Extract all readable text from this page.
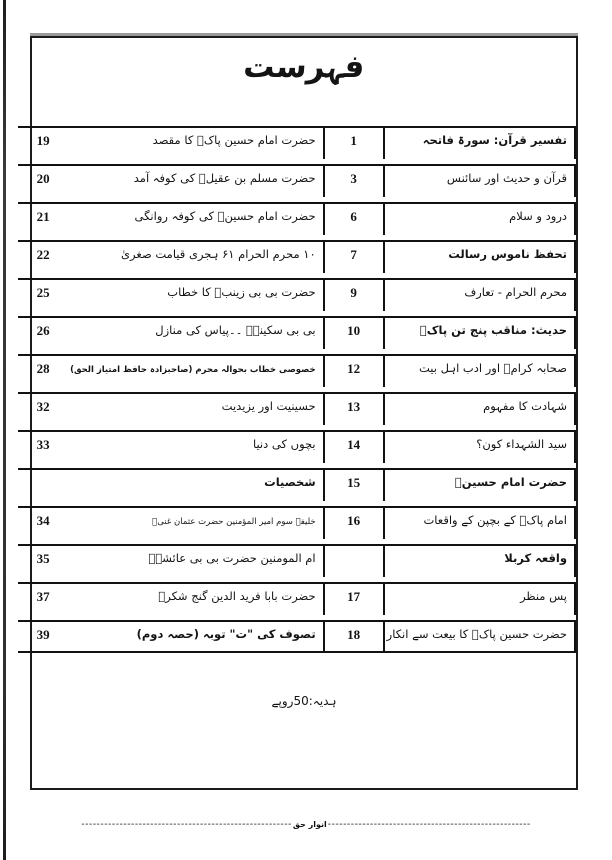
فہرست
تفسیر قرآن: سورۃ فاتحہ
1
قرآن و حدیث اور سائنس
3
درود و سلام
6
تحفظ ناموس رسالت
7
محرم الحرام - تعارف
9
حدیث: مناقب پنج تن پاکؑ
10
صحابہ کرامؓ اور ادب اہل بیت
12
شہادت کا مفہوم
13
سید الشہداء کون؟
14
حضرت امام حسینؓ
15
امام پاکؓ کے بچپن کے واقعات
16
واقعہ کربلا
پس منظر
17
حضرت حسین پاکؓ کا بیعت سے انکار
18
حضرت امام حسین پاکؓ کا مقصد
19
حضرت مسلم بن عقیلؓ کی کوفہ آمد
20
حضرت امام حسینؓ کی کوفہ روانگی
21
۱۰ محرم الحرام ۶۱ ہجری قیامت صغریٰ
22
حضرت بی بی زینبؓ کا خطاب
25
بی بی سکینہؓ ۔۔پیاس کی منازل
26
خصوصی خطاب بحوالہ محرم (صاحبزادہ حافظ امتیاز الحق)
28
حسینیت اور یزیدیت
32
بچوں کی دنیا
33
شخصیات
خلیفہ سوم امیر المؤمنین حضرت عثمان غنیؓ
34
ام المومنین حضرت بی بی عائشہؓ
35
حضرت بابا فرید الدین گنج شکرؒ
37
تصوف کی "ت" توبہ (حصہ دوم)
39
ہدیہ:50روپے
-------------------------------------------------------انوار حق-----------------------------------------------------
